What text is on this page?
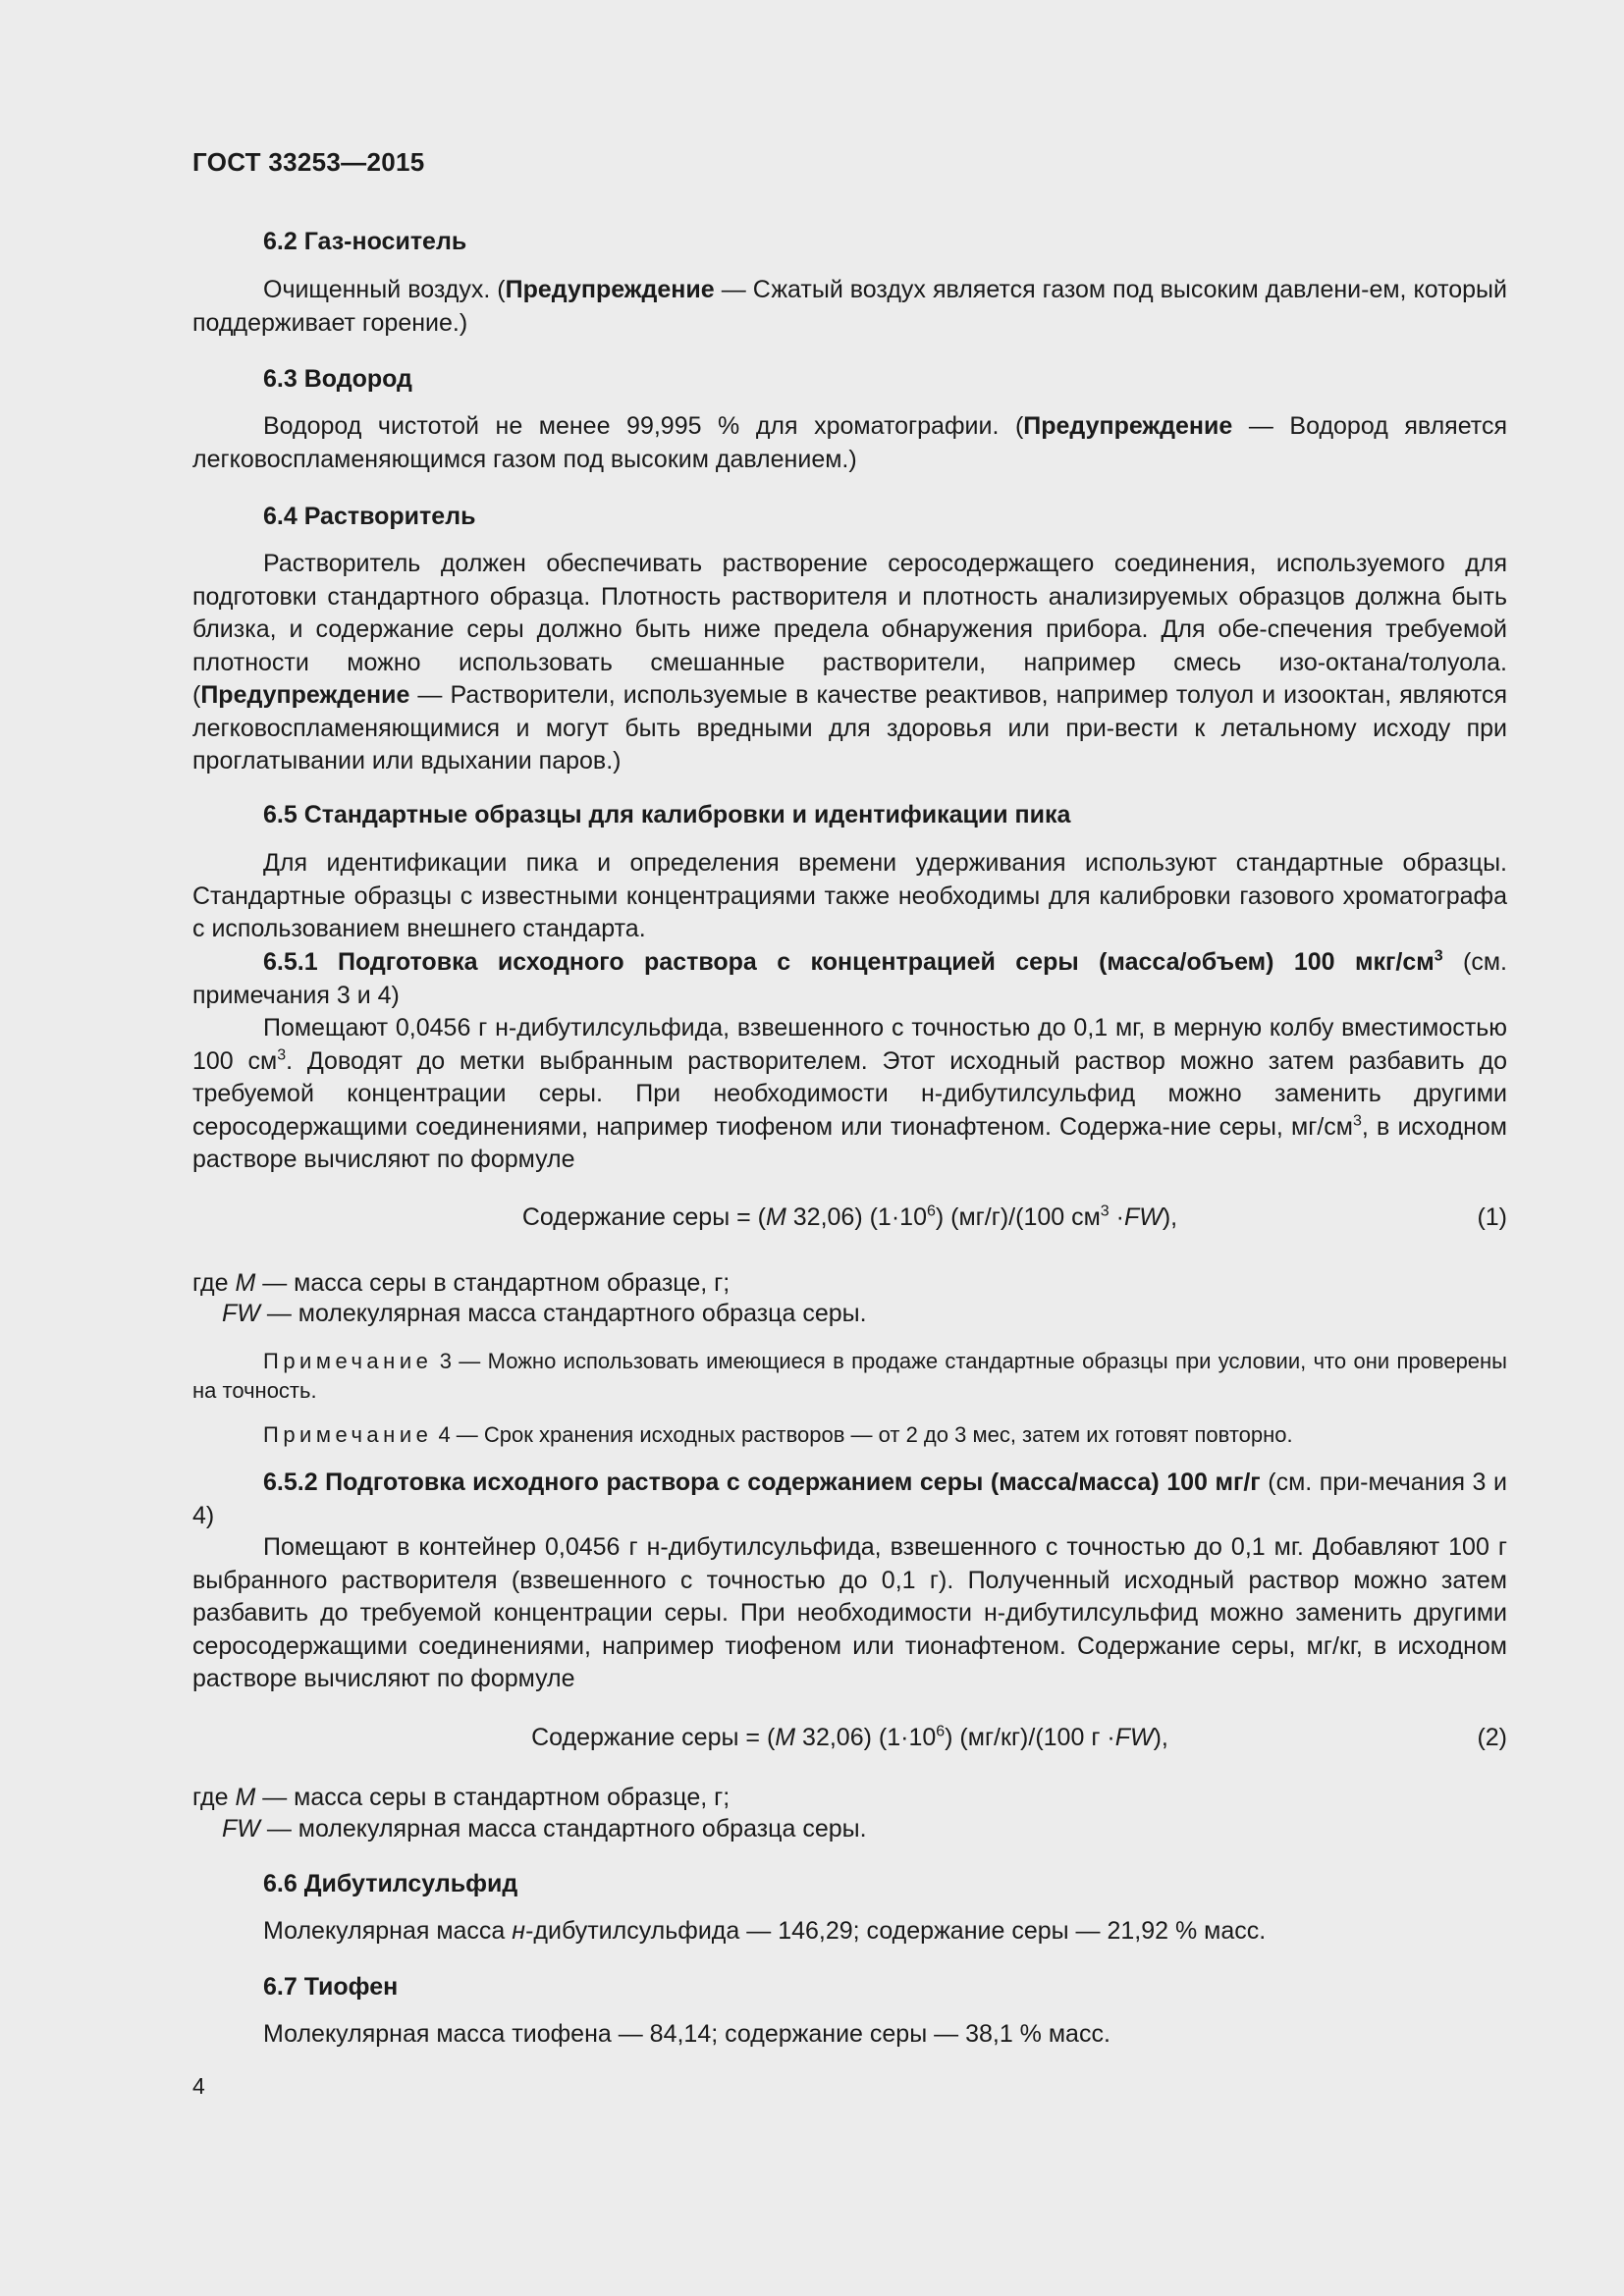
ГОСТ 33253—2015
6.2 Газ-носитель

Очищенный воздух. (Предупреждение — Сжатый воздух является газом под высоким давлени-ем, который поддерживает горение.)

6.3 Водород

Водород чистотой не менее 99,995 % для хроматографии. (Предупреждение — Водород является легковоспламеняющимся газом под высоким давлением.)

6.4 Растворитель

Растворитель должен обеспечивать растворение серосодержащего соединения, используемого для подготовки стандартного образца. Плотность растворителя и плотность анализируемых образцов должна быть близка, и содержание серы должно быть ниже предела обнаружения прибора. Для обе-спечения требуемой плотности можно использовать смешанные растворители, например смесь изо-октана/толуола. (Предупреждение — Растворители, используемые в качестве реактивов, например толуол и изооктан, являются легковоспламеняющимися и могут быть вредными для здоровья или при-вести к летальному исходу при проглатывании или вдыхании паров.)

6.5 Стандартные образцы для калибровки и идентификации пика

Для идентификации пика и определения времени удерживания используют стандартные образцы. Стандартные образцы с известными концентрациями также необходимы для калибровки газового хроматографа с использованием внешнего стандарта.

6.5.1 Подготовка исходного раствора с концентрацией серы (масса/объем) 100 мкг/$см^3$ (см. примечания 3 и 4)

Помещают 0,0456 г н-дибутилсульфида, взвешенного с точностью до 0,1 мг, в мерную колбу вместимостью 100 $см^3$. Доводят до метки выбранным растворителем. Этот исходный раствор можно затем разбавить до требуемой концентрации серы. При необходимости н-дибутилсульфид можно заменить другими серосодержащими соединениями, например тиофеном или тионафтеном. Содержа-ние серы, $мг/см^3$, в исходном растворе вычисляют по формуле

Содержание серы = (M 32,06) $(1\cdot 10^6)$ (мг/г)/(100 $см^3 \cdot FW$),	(1)
где M — масса серы в стандартном образце, г;
FW — молекулярная масса стандартного образца серы.

Примечание 3 — Можно использовать имеющиеся в продаже стандартные образцы при условии, что они проверены на точность.

Примечание 4 — Срок хранения исходных растворов — от 2 до 3 мес, затем их готовят повторно.

6.5.2 Подготовка исходного раствора с содержанием серы (масса/масса) 100 мг/г (см. при-мечания 3 и 4)

Помещают в контейнер 0,0456 г н-дибутилсульфида, взвешенного с точностью до 0,1 мг. Добавляют 100 г выбранного растворителя (взвешенного с точностью до 0,1 г). Полученный исходный раствор можно затем разбавить до требуемой концентрации серы. При необходимости н-дибутилсульфид можно заменить другими серосодержащими соединениями, например тиофеном или тионафтеном. Содержание серы, мг/кг, в исходном растворе вычисляют по формуле

Содержание серы = (M 32,06) $(1\cdot 10^6)$ (мг/кг)/(100 г ·FW),	(2)
где M — масса серы в стандартном образце, г;
FW — молекулярная масса стандартного образца серы.
6.6 Дибутилсульфид

Молекулярная масса н-дибутилсульфида — 146,29; содержание серы — 21,92 % масс.

6.7 Тиофен

Молекулярная масса тиофена — 84,14; содержание серы — 38,1 % масс.

4
